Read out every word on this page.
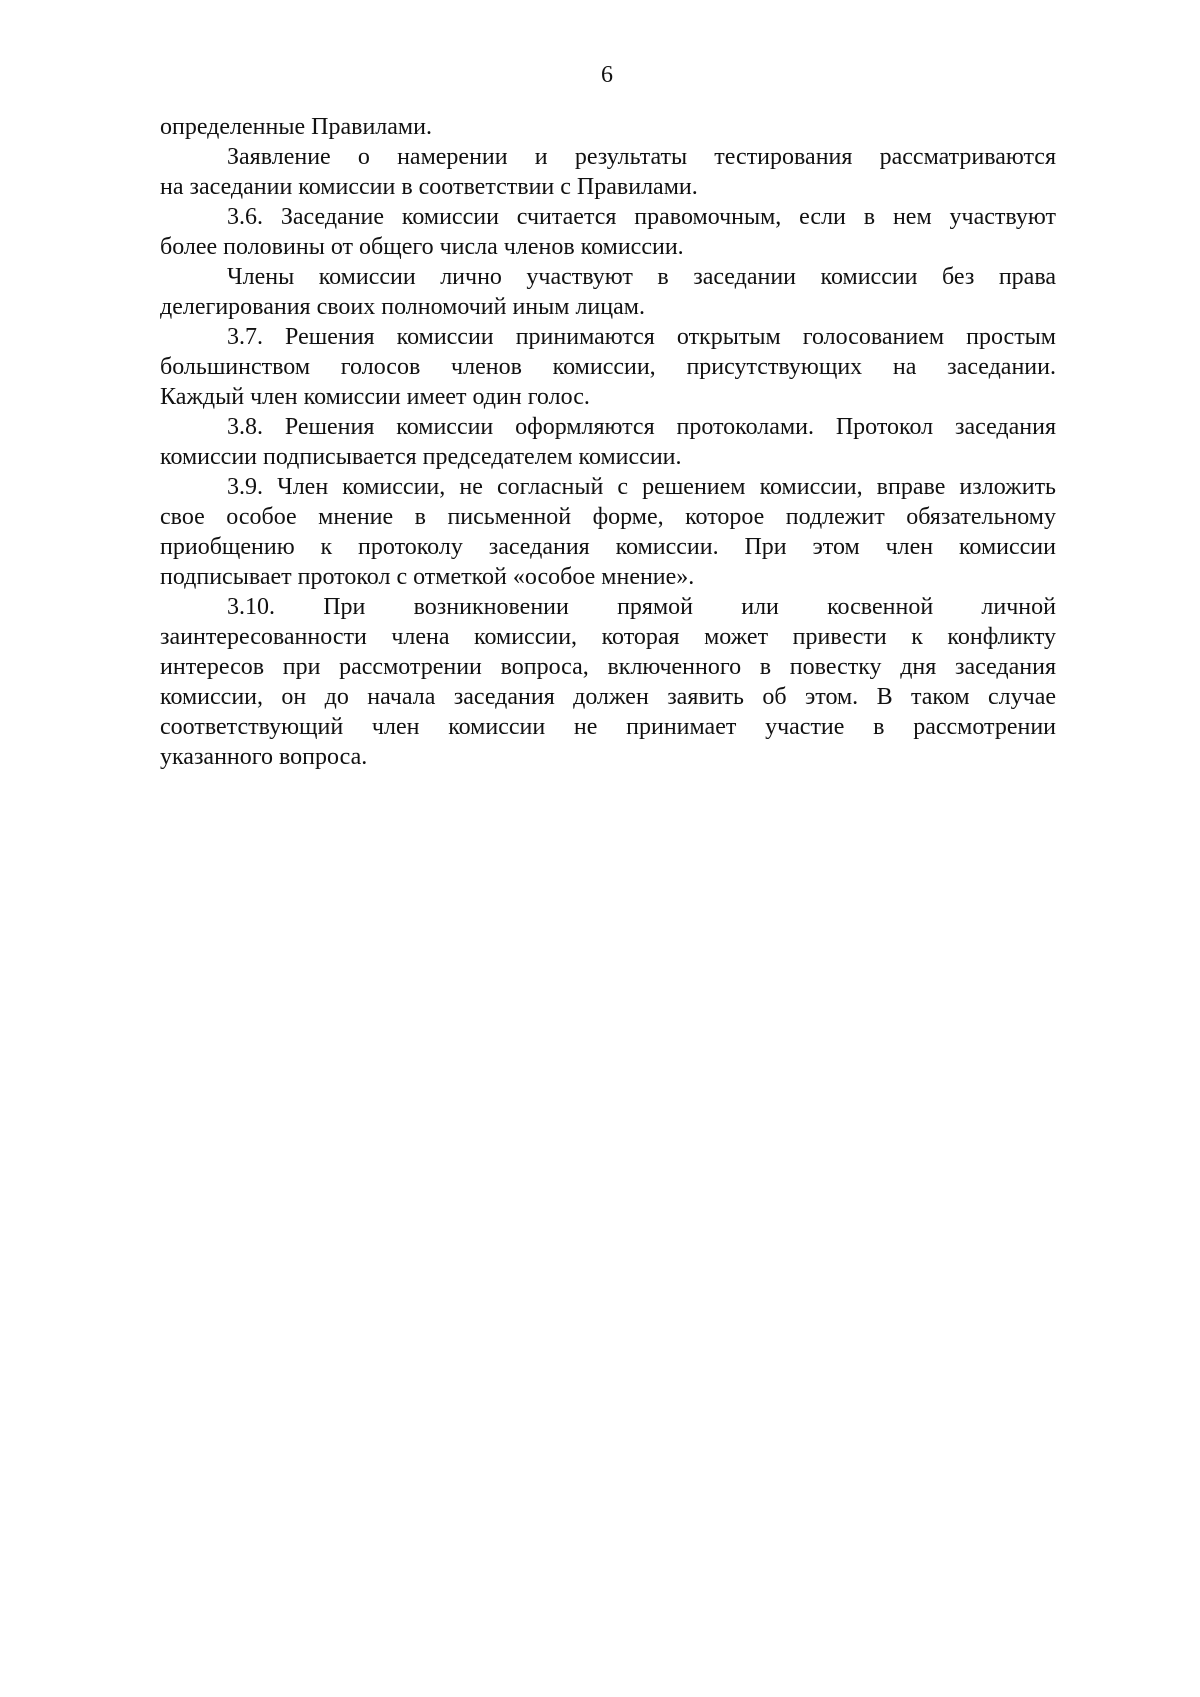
6
определенные Правилами.
Заявление о намерении и результаты тестирования рассматриваются
на заседании комиссии в соответствии с Правилами.
3.6. Заседание комиссии считается правомочным, если в нем участвуют
более половины от общего числа членов комиссии.
Члены комиссии лично участвуют в заседании комиссии без права
делегирования своих полномочий иным лицам.
3.7. Решения комиссии принимаются открытым голосованием простым
большинством голосов членов комиссии, присутствующих на заседании.
Каждый член комиссии имеет один голос.
3.8. Решения комиссии оформляются протоколами. Протокол заседания
комиссии подписывается председателем комиссии.
3.9. Член комиссии, не согласный с решением комиссии, вправе изложить
свое особое мнение в письменной форме, которое подлежит обязательному
приобщению к протоколу заседания комиссии. При этом член комиссии
подписывает протокол с отметкой «особое мнение».
3.10. При возникновении прямой или косвенной личной
заинтересованности члена комиссии, которая может привести к конфликту
интересов при рассмотрении вопроса, включенного в повестку дня заседания
комиссии, он до начала заседания должен заявить об этом. В таком случае
соответствующий член комиссии не принимает участие в рассмотрении
указанного вопроса.
